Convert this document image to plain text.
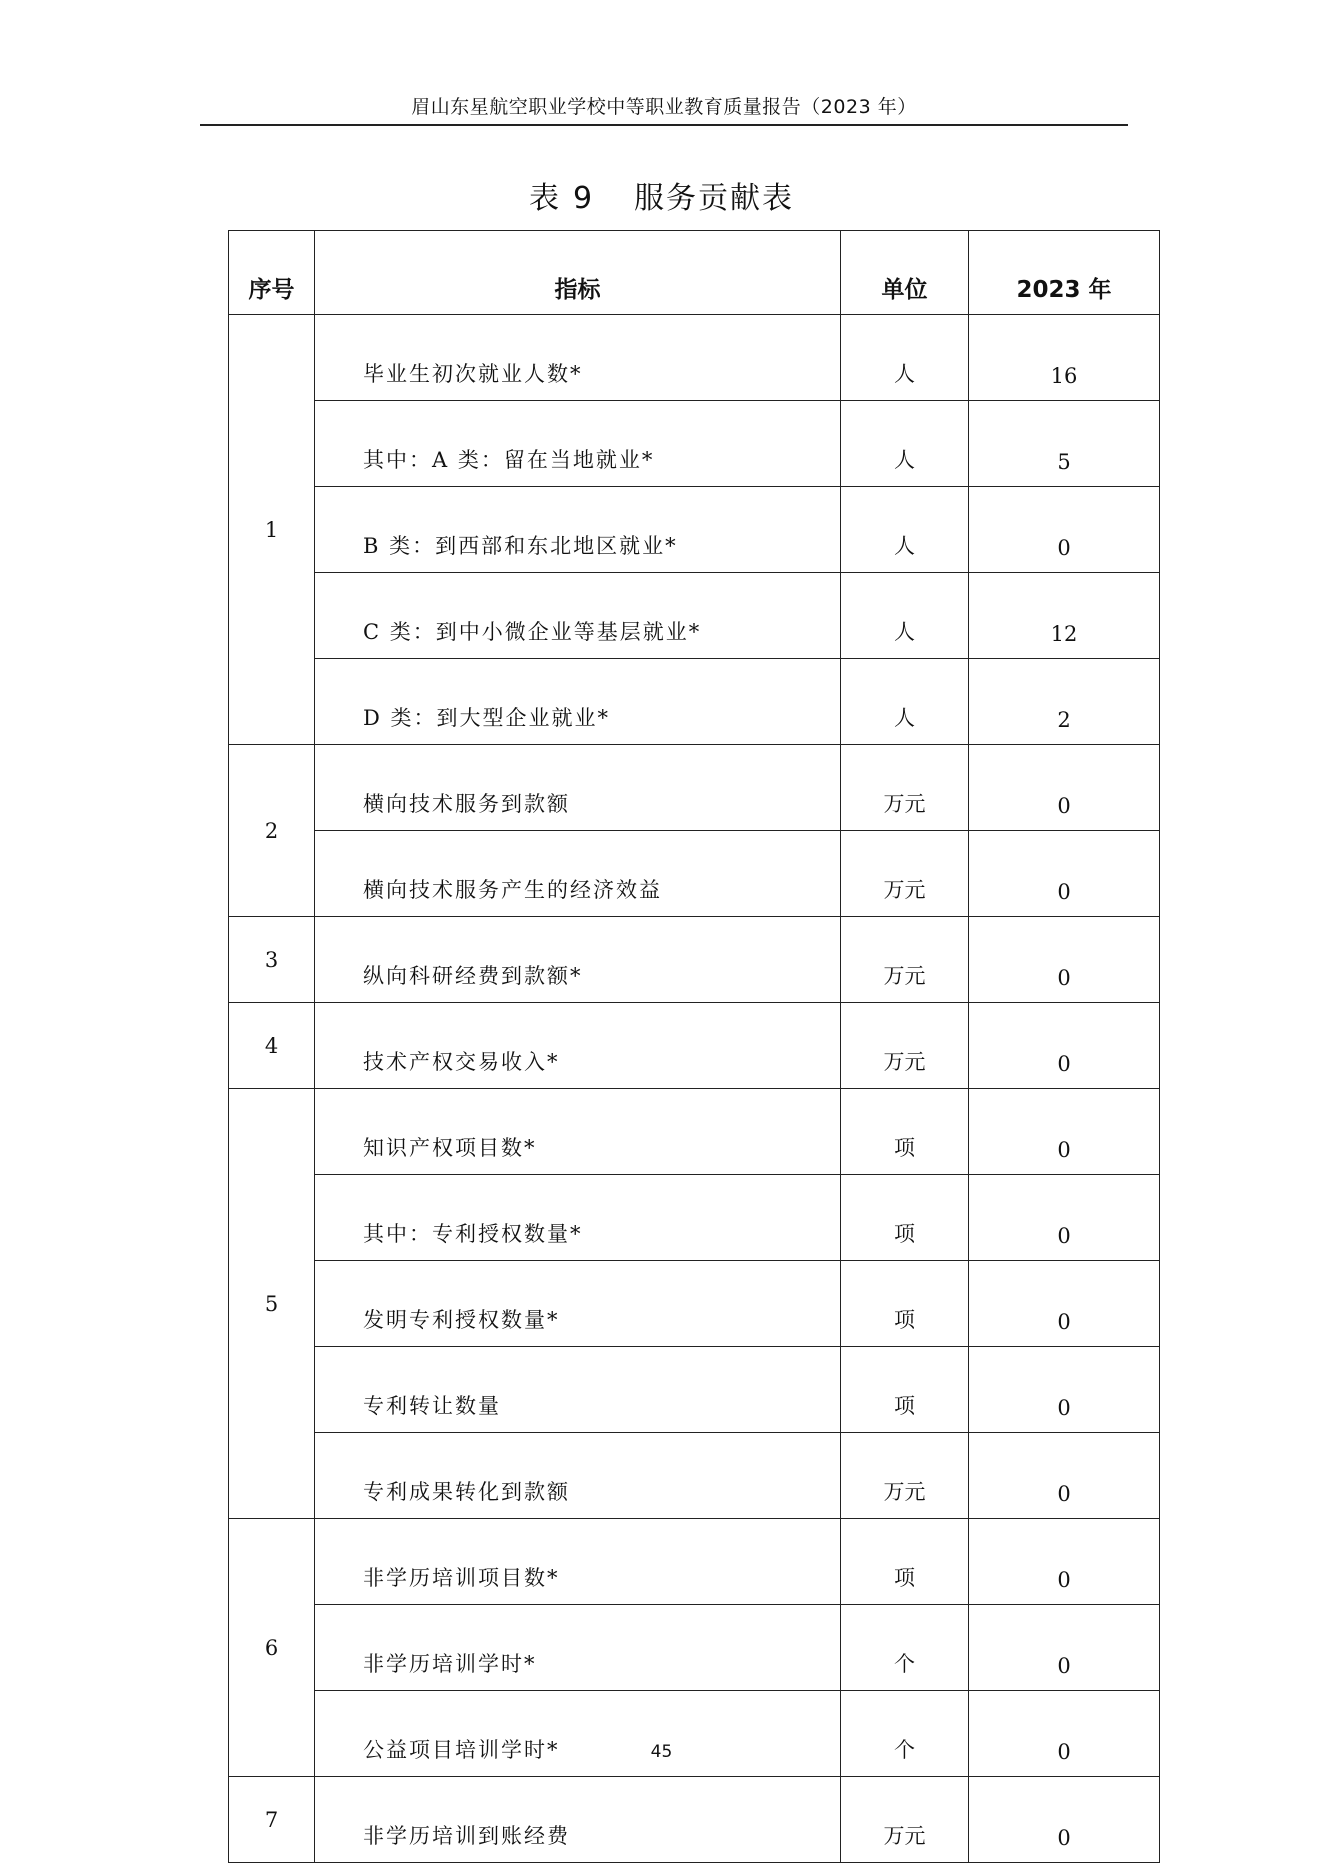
眉山东星航空职业学校中等职业教育质量报告（2023 年）
表 9 服务贡献表
序号	指标	单位	2023 年
1	毕业生初次就业人数*	人	16
	其中：A 类：留在当地就业*	人	5
	B 类：到西部和东北地区就业*	人	0
	C 类：到中小微企业等基层就业*	人	12
	D 类：到大型企业就业*	人	2
2	横向技术服务到款额	万元	0
	横向技术服务产生的经济效益	万元	0
3	纵向科研经费到款额*	万元	0
4	技术产权交易收入*	万元	0
5	知识产权项目数*	项	0
	其中：专利授权数量*	项	0
	发明专利授权数量*	项	0
	专利转让数量	项	0
	专利成果转化到款额	万元	0
6	非学历培训项目数*	项	0
	非学历培训学时*	个	0
	公益项目培训学时*	个	0
7	非学历培训到账经费	万元	0
45
